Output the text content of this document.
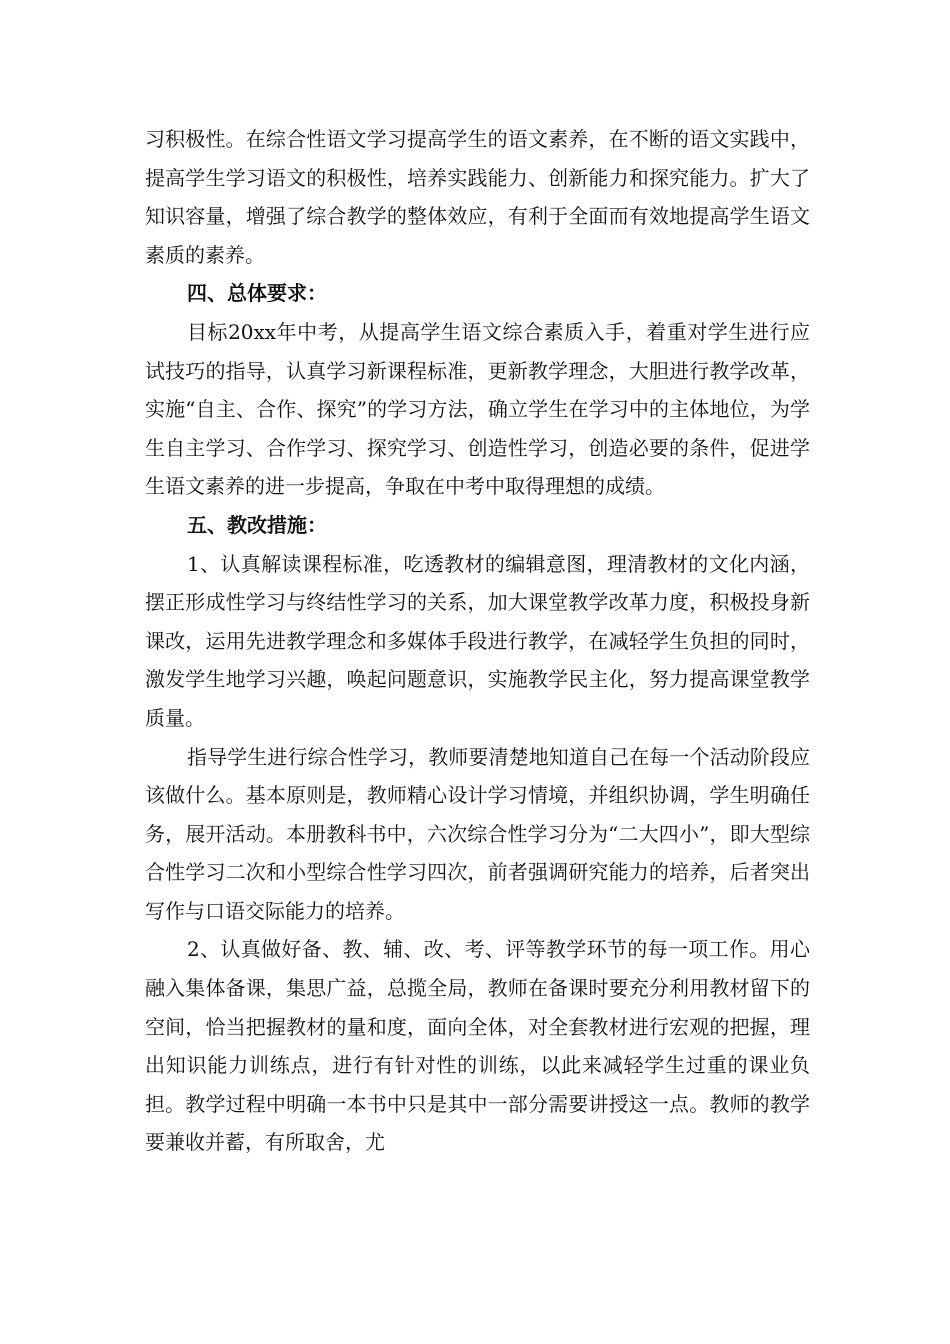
习积极性。在综合性语文学习提高学生的语文素养，在不断的语文实践中，提高学生学习语文的积极性，培养实践能力、创新能力和探究能力。扩大了知识容量，增强了综合教学的整体效应，有利于全面而有效地提高学生语文素质的素养。

四、总体要求：

目标20xx年中考，从提高学生语文综合素质入手，着重对学生进行应试技巧的指导，认真学习新课程标准，更新教学理念，大胆进行教学改革，实施“自主、合作、探究”的学习方法，确立学生在学习中的主体地位，为学生自主学习、合作学习、探究学习、创造性学习，创造必要的条件，促进学生语文素养的进一步提高，争取在中考中取得理想的成绩。

五、教改措施：

1、认真解读课程标准，吃透教材的编辑意图，理清教材的文化内涵，摆正形成性学习与终结性学习的关系，加大课堂教学改革力度，积极投身新课改，运用先进教学理念和多媒体手段进行教学，在减轻学生负担的同时，激发学生地学习兴趣，唤起问题意识，实施教学民主化，努力提高课堂教学质量。

指导学生进行综合性学习，教师要清楚地知道自己在每一个活动阶段应该做什么。基本原则是，教师精心设计学习情境，并组织协调，学生明确任务，展开活动。本册教科书中，六次综合性学习分为“二大四小”，即大型综合性学习二次和小型综合性学习四次，前者强调研究能力的培养，后者突出写作与口语交际能力的培养。

2、认真做好备、教、辅、改、考、评等教学环节的每一项工作。用心融入集体备课，集思广益，总揽全局，教师在备课时要充分利用教材留下的空间，恰当把握教材的量和度，面向全体，对全套教材进行宏观的把握，理出知识能力训练点，进行有针对性的训练，以此来减轻学生过重的课业负担。教学过程中明确一本书中只是其中一部分需要讲授这一点。教师的教学要兼收并蓄，有所取舍，尤
